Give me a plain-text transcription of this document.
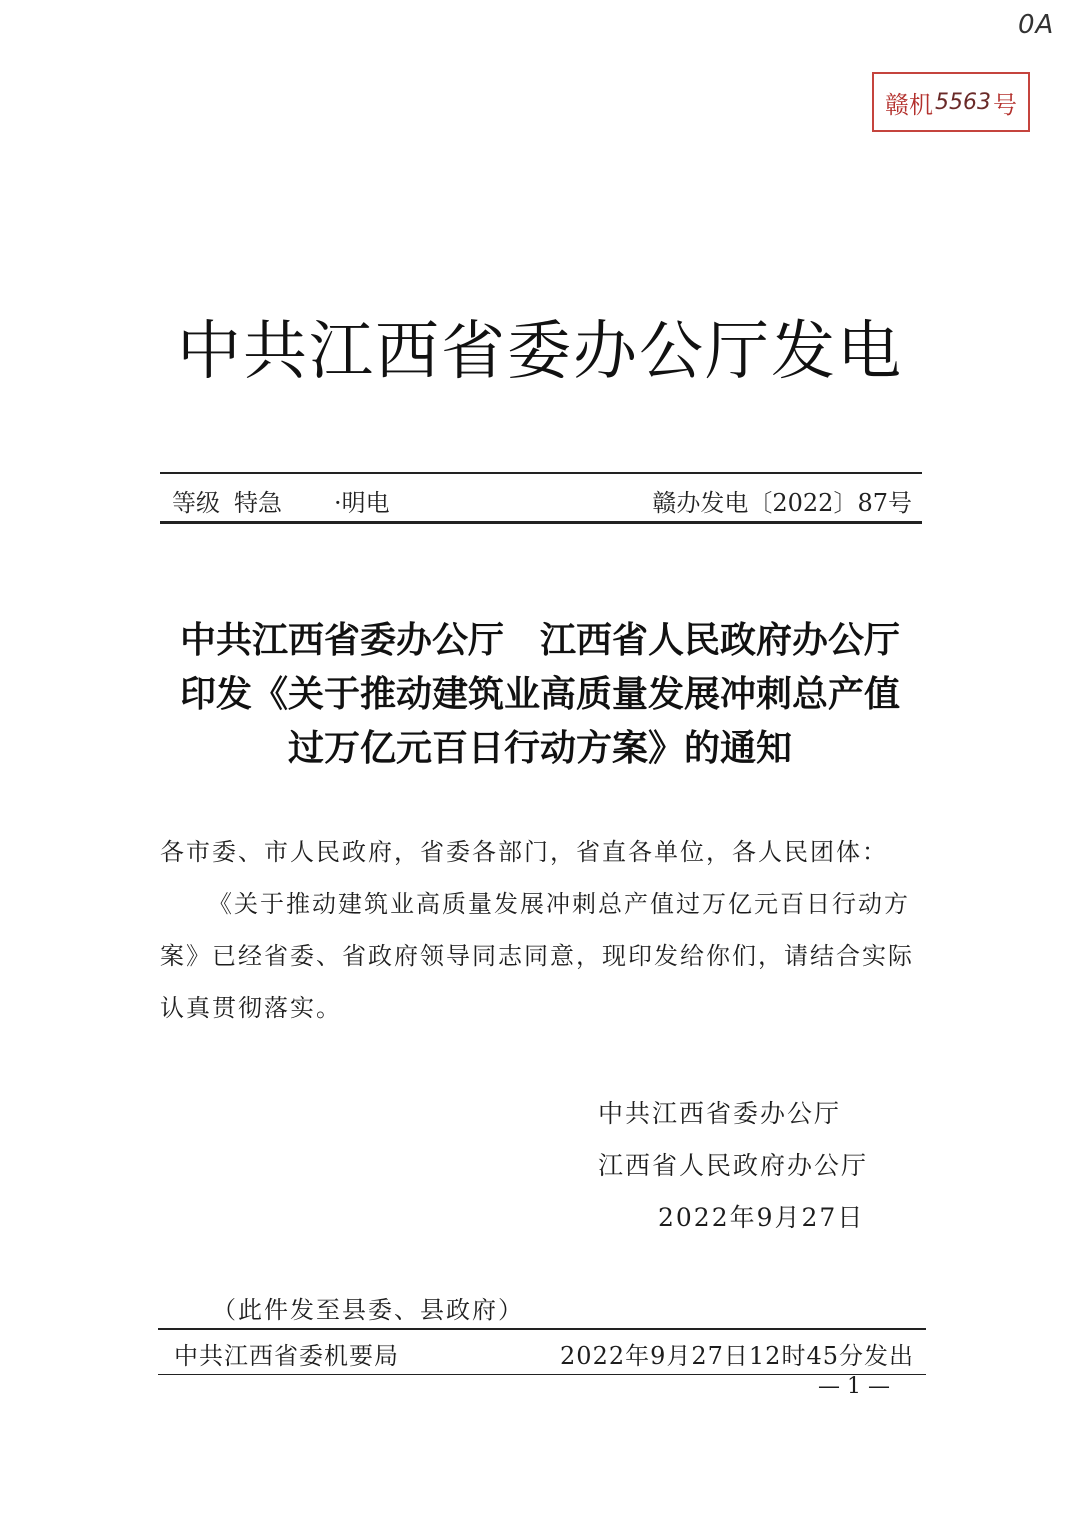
0A
赣机 5563 号
中共江西省委办公厅发电
等级 特急 ·明电	赣办发电〔2022〕87号
中共江西省委办公厅　江西省人民政府办公厅
印发《关于推动建筑业高质量发展冲刺总产值
过万亿元百日行动方案》的通知
各市委、市人民政府，省委各部门，省直各单位，各人民团体：
《关于推动建筑业高质量发展冲刺总产值过万亿元百日行动方案》已经省委、省政府领导同志同意，现印发给你们，请结合实际认真贯彻落实。
中共江西省委办公厅
江西省人民政府办公厅
2022年9月27日
（此件发至县委、县政府）
中共江西省委机要局	2022年9月27日12时45分发出
— 1 —
